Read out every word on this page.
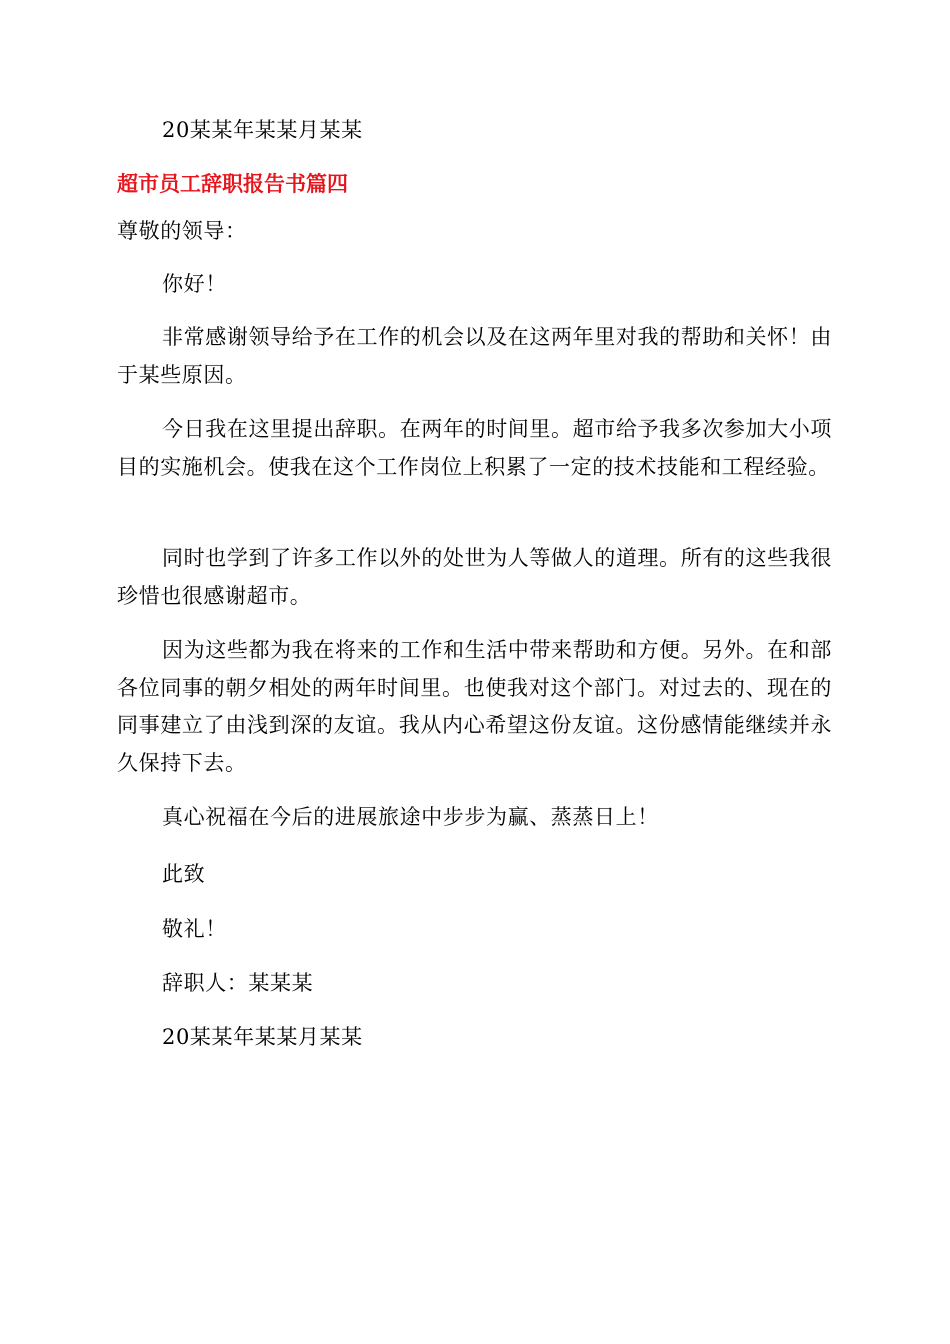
20某某年某某月某某
超市员工辞职报告书篇四
尊敬的领导：
你好！

非常感谢领导给予在工作的机会以及在这两年里对我的帮助和关怀！由于某些原因。

今日我在这里提出辞职。在两年的时间里。超市给予我多次参加大小项目的实施机会。使我在这个工作岗位上积累了一定的技术技能和工程经验。

同时也学到了许多工作以外的处世为人等做人的道理。所有的这些我很珍惜也很感谢超市。

因为这些都为我在将来的工作和生活中带来帮助和方便。另外。在和部各位同事的朝夕相处的两年时间里。也使我对这个部门。对过去的、现在的同事建立了由浅到深的友谊。我从内心希望这份友谊。这份感情能继续并永久保持下去。

真心祝福在今后的进展旅途中步步为赢、蒸蒸日上！

此致
敬礼！
辞职人：某某某
20某某年某某月某某
